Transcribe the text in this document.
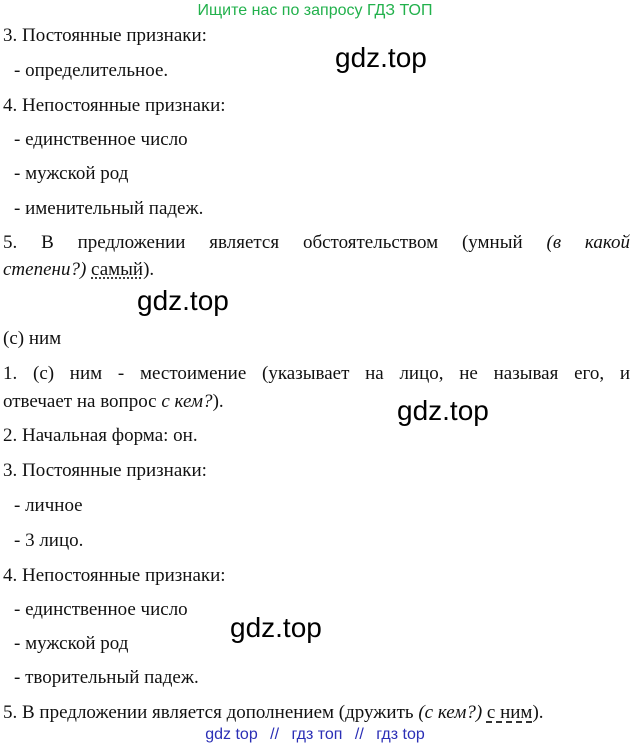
Ищите нас по запросу ГДЗ ТОП
3. Постоянные признаки:
- определительное.
4. Непостоянные признаки:
- единственное число
- мужской род
- именительный падеж.
5. В предложении является обстоятельством (умный (в какой
степени?) самый).
(с) ним
1. (с) ним - местоимение (указывает на лицо, не называя его, и
отвечает на вопрос с кем?).
2. Начальная форма: он.
3. Постоянные признаки:
- личное
- 3 лицо.
4. Непостоянные признаки:
- единственное число
- мужской род
- творительный падеж.
5. В предложении является дополнением (дружить (с кем?) с ним).
gdz.top
gdz.top
gdz.top
gdz.top
gdz top // гдз топ // гдз top
